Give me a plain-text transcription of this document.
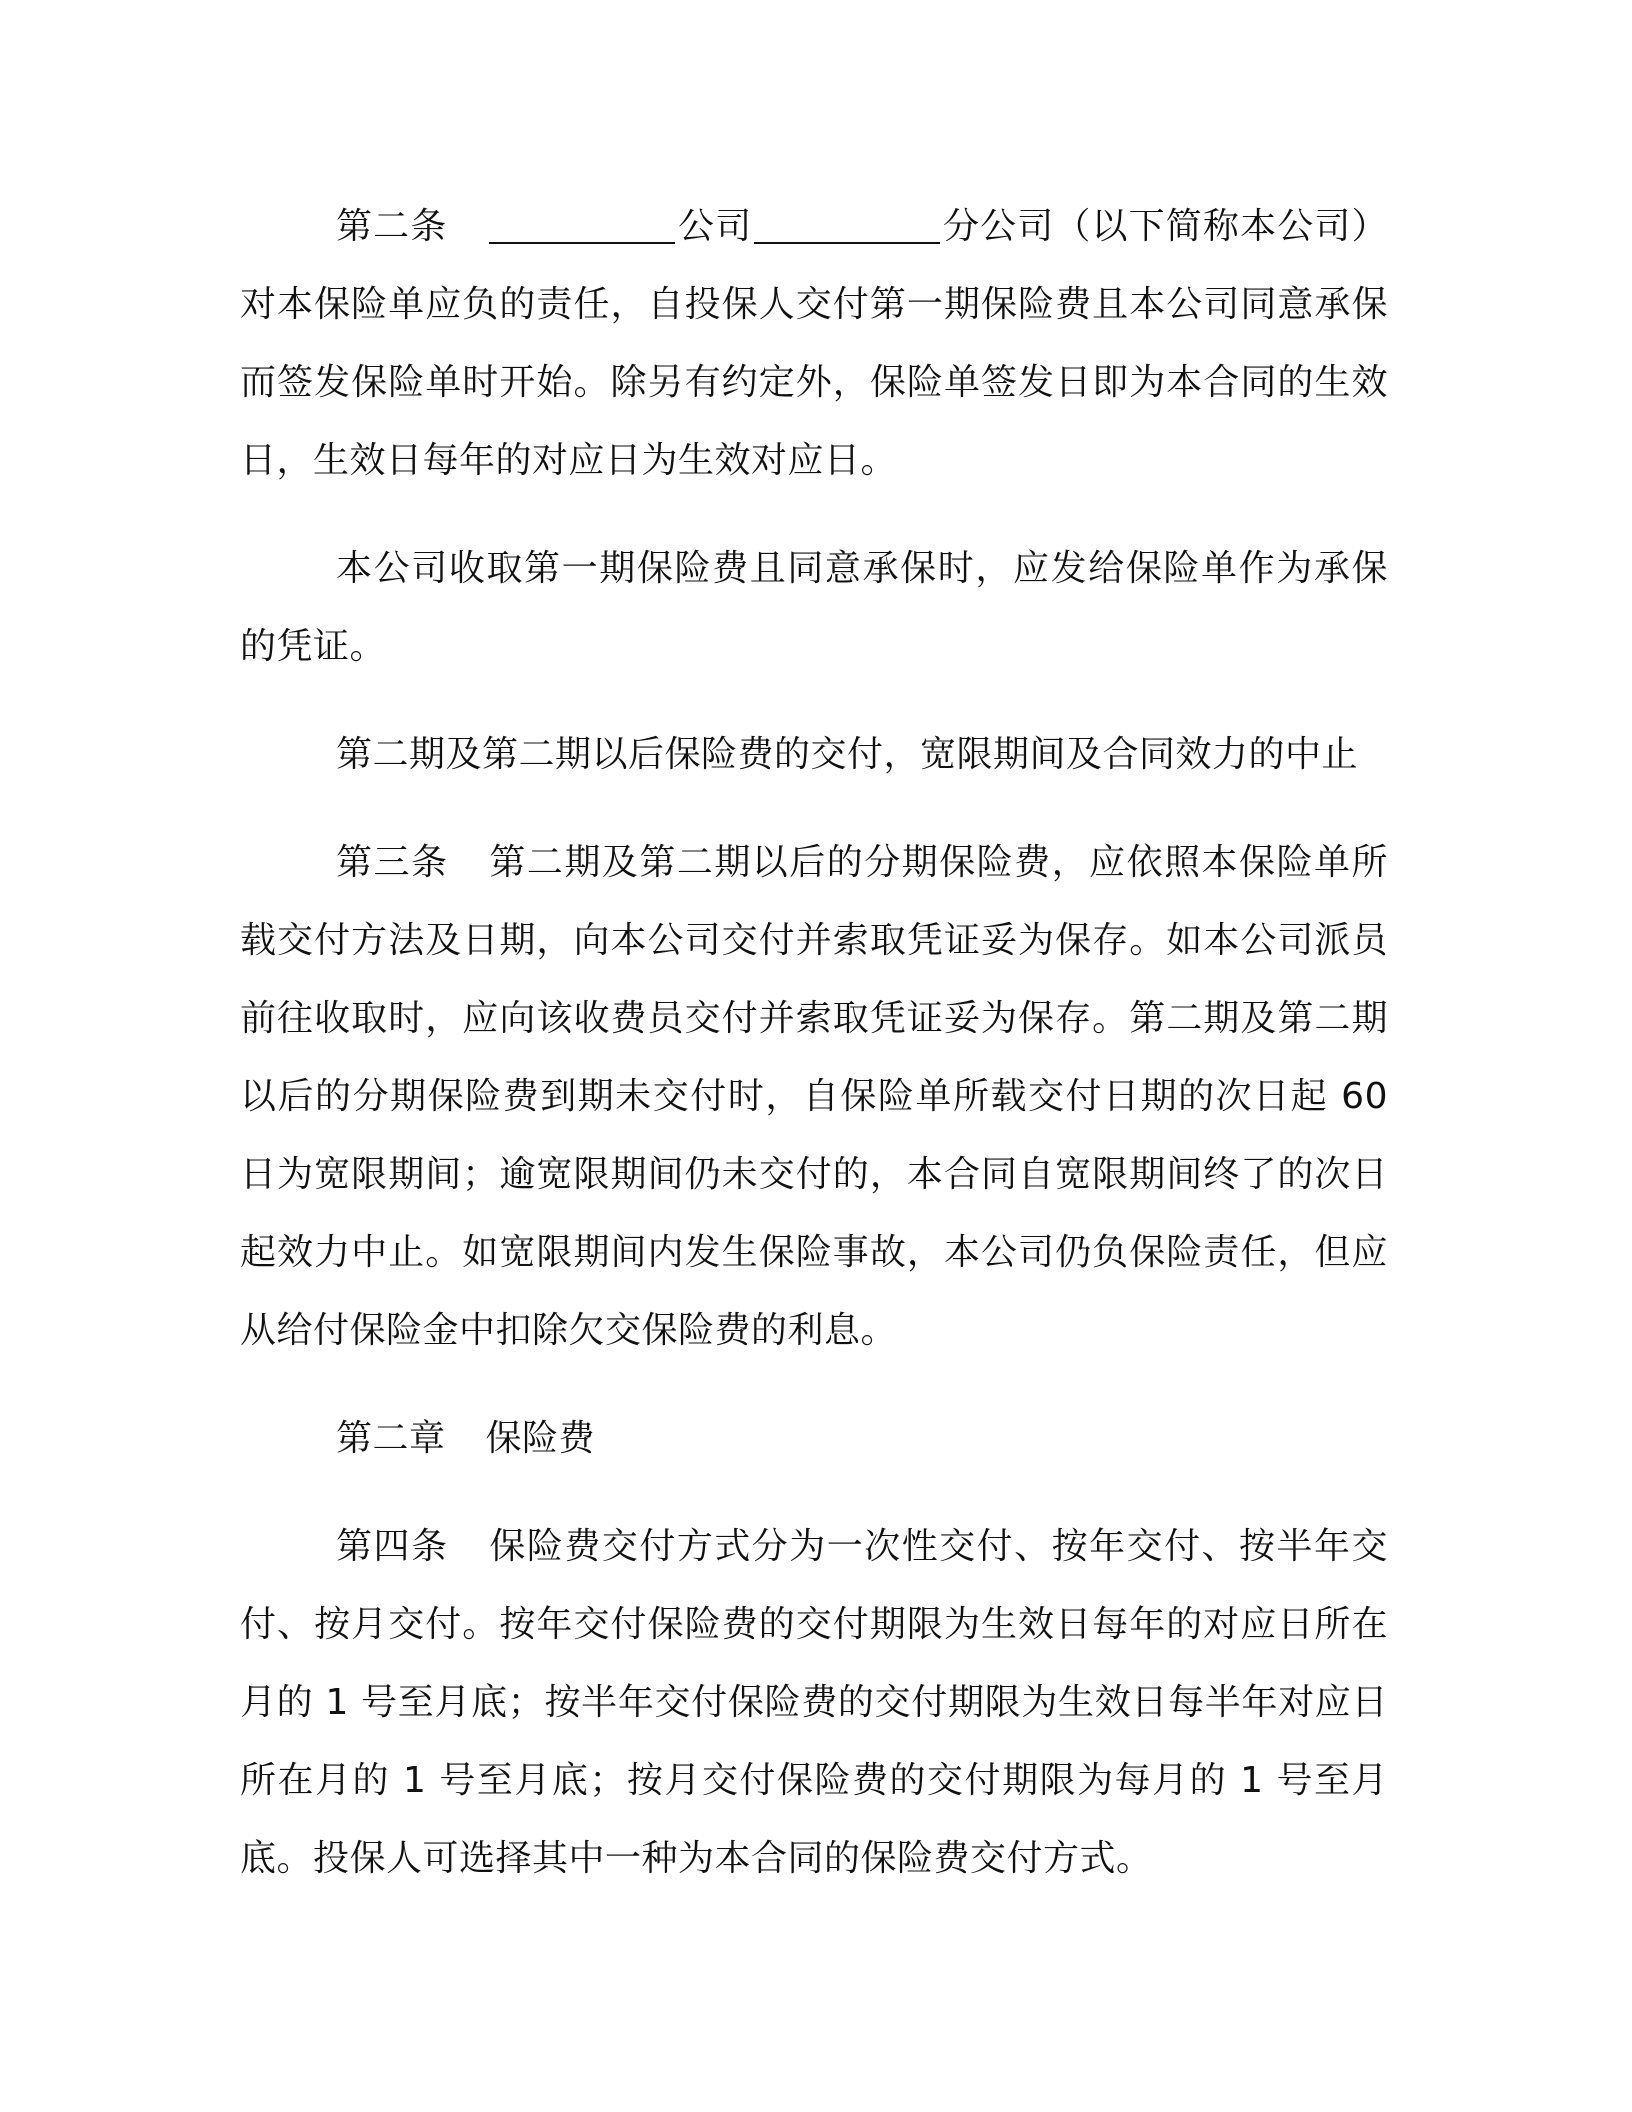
第二条	公司	分公司（以下简称本公司）对本保险单应负的责任，自投保人交付第一期保险费且本公司同意承保而签发保险单时开始。除另有约定外，保险单签发日即为本合同的生效日，生效日每年的对应日为生效对应日。

本公司收取第一期保险费且同意承保时，应发给保险单作为承保的凭证。

第二期及第二期以后保险费的交付，宽限期间及合同效力的中止

第三条 第二期及第二期以后的分期保险费，应依照本保险单所载交付方法及日期，向本公司交付并索取凭证妥为保存。如本公司派员前往收取时，应向该收费员交付并索取凭证妥为保存。第二期及第二期以后的分期保险费到期未交付时，自保险单所载交付日期的次日起 60 日为宽限期间；逾宽限期间仍未交付的，本合同自宽限期间终了的次日起效力中止。如宽限期间内发生保险事故，本公司仍负保险责任，但应从给付保险金中扣除欠交保险费的利息。

第二章 保险费

第四条 保险费交付方式分为一次性交付、按年交付、按半年交付、按月交付。按年交付保险费的交付期限为生效日每年的对应日所在月的 1 号至月底；按半年交付保险费的交付期限为生效日每半年对应日所在月的 1 号至月底；按月交付保险费的交付期限为每月的 1 号至月底。投保人可选择其中一种为本合同的保险费交付方式。
